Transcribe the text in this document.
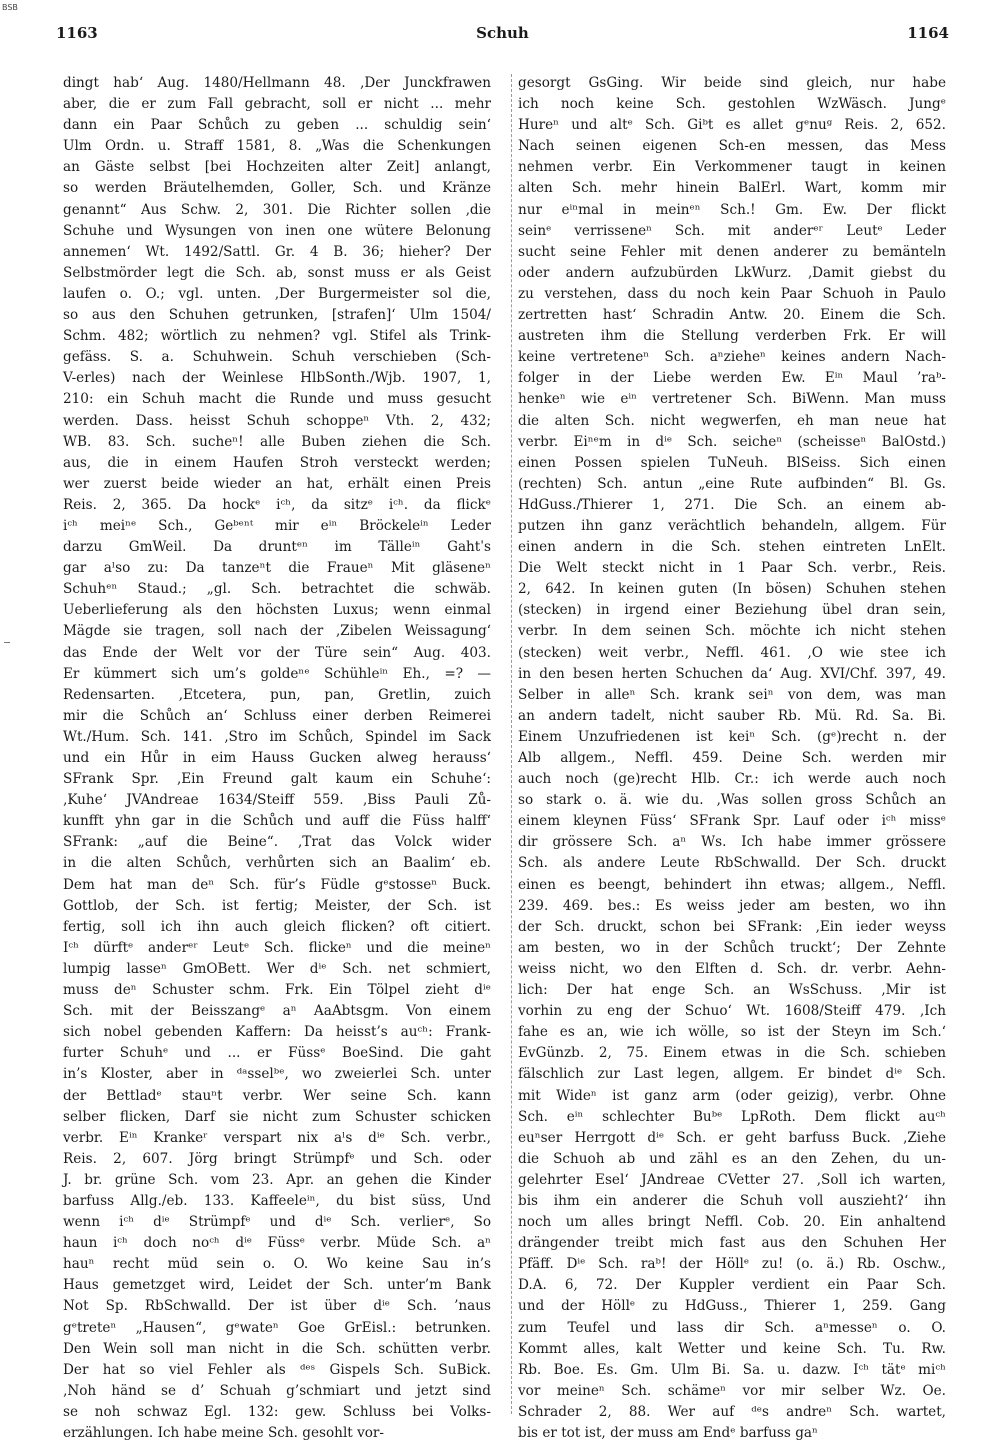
BSB
1163	Schuh	1164
dingt hab‘ Aug. 1480/Hellmann 48. ‚Der Junckfrawen
aber, die er zum Fall gebracht, soll er nicht ... mehr
dann ein Paar Schůch zu geben ... schuldig sein‘
Ulm Ordn. u. Straff 1581, 8. „Was die Schenkungen
an Gäste selbst [bei Hochzeiten alter Zeit] anlangt,
so werden Bräutelhemden, Goller, Sch. und Kränze
genannt“ Aus Schw. 2, 301. Die Richter sollen ‚die
Schuhe und Wysungen von inen one wütere Belonung
annemen‘ Wt. 1492/Sattl. Gr. 4 B. 36; hieher? Der
Selbstmörder legt die Sch. ab, sonst muss er als Geist
laufen o. O.; vgl. unten. ‚Der Burgermeister sol die,
so aus den Schuhen getrunken, [strafen]‘ Ulm 1504/
Schm. 482; wörtlich zu nehmen? vgl. Stifel als Trink-
gefäss. S. a. Schuhwein. Schuh verschieben (Sch-
V-erles) nach der Weinlese HlbSonth./Wjb. 1907, 1,
210: ein Schuh macht die Runde und muss gesucht
werden. Dass. heisst Schuh schoppeⁿ Vth. 2, 432;
WB. 83. Sch. sucheⁿ! alle Buben ziehen die Sch.
aus, die in einem Haufen Stroh versteckt werden;
wer zuerst beide wieder an hat, erhält einen Preis
Reis. 2, 365. Da hockᵉ iᶜʰ, da sitzᵉ iᶜʰ. da flickᵉ
iᶜʰ meiⁿᵉ Sch., Geᵇᵉⁿᵗ mir eⁱⁿ Bröckeleⁱⁿ Leder
darzu GmWeil. Da druntᵉⁿ im Tälleⁱⁿ Gahtˈs
gar aˡso zu: Da tanzeⁿt die Fraueⁿ Mit gläseneⁿ
Schuhᵉⁿ Staud.; „gl. Sch. betrachtet die schwäb.
Ueberlieferung als den höchsten Luxus; wenn einmal
Mägde sie tragen, soll nach der ‚Zibelen Weissagung‘
das Ende der Welt vor der Türe sein“ Aug. 403.
Er kümmert sich um’s goldeⁿᵉ Schühleⁱⁿ Eh., =? —
Redensarten. ‚Etcetera, pun, pan, Gretlin, zuich
mir die Schůch an‘ Schluss einer derben Reimerei
Wt./Hum. Sch. 141. ‚Stro im Schůch, Spindel im Sack
und ein Hůr in eim Hauss Gucken alweg herauss‘
SFrank Spr. ‚Ein Freund galt kaum ein Schuhe‘:
‚Kuhe‘ JVAndreae 1634/Steiff 559. ‚Biss Pauli Zů-
kunfft yhn gar in die Schůch und auff die Füss halff‘
SFrank: „auf die Beine“. ‚Trat das Volck wider
in die alten Schůch, verhůrten sich an Baalim‘ eb.
Dem hat man deⁿ Sch. für’s Füdle gᵉstosseⁿ Buck.
Gottlob, der Sch. ist fertig; Meister, der Sch. ist
fertig, soll ich ihn auch gleich flicken? oft citiert.
Iᶜʰ dürftᵉ anderᵉʳ Leutᵉ Sch. flickeⁿ und die meineⁿ
lumpig lasseⁿ GmOBett. Wer dⁱᵉ Sch. net schmiert,
muss deⁿ Schuster schm. Frk. Ein Tölpel zieht dⁱᵉ
Sch. mit der Beisszangᵉ aⁿ AaAbtsgm. Von einem
sich nobel gebenden Kaffern: Da heisst’s auᶜʰ: Frank-
furter Schuhᵉ und ... er Füssᵉ BoeSind. Die gaht
in’s Kloster, aber in ᵈᵃsselᵇᵉ, wo zweierlei Sch. unter
der Bettladᵉ stauⁿt verbr. Wer seine Sch. kann
selber flicken, Darf sie nicht zum Schuster schicken
verbr. Eⁱⁿ Krankeʳ verspart nix aˡs dⁱᵉ Sch. verbr.,
Reis. 2, 607. Jörg bringt Strümpfᵉ und Sch. oder
J. br. grüne Sch. vom 23. Apr. an gehen die Kinder
barfuss Allg./eb. 133. Kaffeeleⁱⁿ, du bist süss, Und
wenn iᶜʰ dⁱᵉ Strümpfᵉ und dⁱᵉ Sch. verlierᵉ, So
haun iᶜʰ doch noᶜʰ dⁱᵉ Füssᵉ verbr. Müde Sch. aⁿ
hauⁿ recht müd sein o. O. Wo keine Sau in’s
Haus gemetzget wird, Leidet der Sch. unter’m Bank
Not Sp. RbSchwalld. Der ist über dⁱᵉ Sch. ’naus
gᵉtreteⁿ „Hausen“, gᵉwateⁿ Goe GrEisl.: betrunken.
Den Wein soll man nicht in die Sch. schütten verbr.
Der hat so viel Fehler als ᵈᵉˢ Gispels Sch. SuBick.
‚Noh händ se d’ Schuah g’schmiart und jetzt sind
se noh schwaz Egl. 132: gew. Schluss bei Volks-
erzählungen. Ich habe meine Sch. gesohlt vor-
gesorgt GsGing. Wir beide sind gleich, nur habe
ich noch keine Sch. gestohlen WzWäsch. Jungᵉ
Hureⁿ und altᵉ Sch. Giᵇt es allet gᵉnuᵍ Reis. 2, 652.
Nach seinen eigenen Sch-en messen, das Mess
nehmen verbr. Ein Verkommener taugt in keinen
alten Sch. mehr hinein BalErl. Wart, komm mir
nur eⁱⁿmal in meinᵉⁿ Sch.! Gm. Ew. Der flickt
seinᵉ verrisseneⁿ Sch. mit anderᵉʳ Leutᵉ Leder
sucht seine Fehler mit denen anderer zu bemänteln
oder andern aufzubürden LkWurz. ‚Damit giebst du
zu verstehen, dass du noch kein Paar Schuoh in Paulo
zertretten hast‘ Schradin Antw. 20. Einem die Sch.
austreten ihm die Stellung verderben Frk. Er will
keine vertreteneⁿ Sch. aⁿzieheⁿ keines andern Nach-
folger in der Liebe werden Ew. Eⁱⁿ Maul ’raᵇ-
henkeⁿ wie eⁱⁿ vertretener Sch. BiWenn. Man muss
die alten Sch. nicht wegwerfen, eh man neue hat
verbr. Eiⁿᵉm in dⁱᵉ Sch. seicheⁿ (scheisseⁿ BalOstd.)
einen Possen spielen TuNeuh. BlSeiss. Sich einen
(rechten) Sch. antun „eine Rute aufbinden“ Bl. Gs.
HdGuss./Thierer 1, 271. Die Sch. an einem ab-
putzen ihn ganz verächtlich behandeln, allgem. Für
einen andern in die Sch. stehen eintreten LnElt.
Die Welt steckt nicht in 1 Paar Sch. verbr., Reis.
2, 642. In keinen guten (In bösen) Schuhen stehen
(stecken) in irgend einer Beziehung übel dran sein,
verbr. In dem seinen Sch. möchte ich nicht stehen
(stecken) weit verbr., Neffl. 461. ‚O wie stee ich
in den besen herten Schuchen da‘ Aug. XVI/Chf. 397, 49.
Selber in alleⁿ Sch. krank seiⁿ von dem, was man
an andern tadelt, nicht sauber Rb. Mü. Rd. Sa. Bi.
Einem Unzufriedenen ist keiⁿ Sch. (gᵉ)recht n. der
Alb allgem., Neffl. 459. Deine Sch. werden mir
auch noch (ge)recht Hlb. Cr.: ich werde auch noch
so stark o. ä. wie du. ‚Was sollen gross Schůch an
einem kleynen Füss‘ SFrank Spr. Lauf oder iᶜʰ missᵉ
dir grössere Sch. aⁿ Ws. Ich habe immer grössere
Sch. als andere Leute RbSchwalld. Der Sch. druckt
einen es beengt, behindert ihn etwas; allgem., Neffl.
239. 469. bes.: Es weiss jeder am besten, wo ihn
der Sch. druckt, schon bei SFrank: ‚Ein ieder weyss
am besten, wo in der Schůch truckt‘; Der Zehnte
weiss nicht, wo den Elften d. Sch. dr. verbr. Aehn-
lich: Der hat enge Sch. an WsSchuss. ‚Mir ist
vorhin zu eng der Schuo‘ Wt. 1608/Steiff 479. ‚Ich
fahe es an, wie ich wölle, so ist der Steyn im Sch.‘
EvGünzb. 2, 75. Einem etwas in die Sch. schieben
fälschlich zur Last legen, allgem. Er bindet dⁱᵉ Sch.
mit Wideⁿ ist ganz arm (oder geizig), verbr. Ohne
Sch. eⁱⁿ schlechter Buᵇᵉ LpRoth. Dem flickt auᶜʰ
euⁿser Herrgott dⁱᵉ Sch. er geht barfuss Buck. ‚Ziehe
die Schuoh ab und zähl es an den Zehen, du un-
gelehrter Esel‘ JAndreae CVetter 27. ‚Soll ich warten,
bis ihm ein anderer die Schuh voll ausziehtʔ‘ ihn
noch um alles bringt Neffl. Cob. 20. Ein anhaltend
drängender treibt mich fast aus den Schuhen Her
Pfäff. Dⁱᵉ Sch. raᵇ! der Höllᵉ zu! (o. ä.) Rb. Oschw.,
D.A. 6, 72. Der Kuppler verdient ein Paar Sch.
und der Höllᵉ zu HdGuss., Thierer 1, 259. Gang
zum Teufel und lass dir Sch. aⁿmesseⁿ o. O.
Kommt alles, kalt Wetter und keine Sch. Tu. Rw.
Rb. Boe. Es. Gm. Ulm Bi. Sa. u. dazw. Iᶜʰ tätᵉ miᶜʰ
vor meineⁿ Sch. schämeⁿ vor mir selber Wz. Oe.
Schrader 2, 88. Wer auf ᵈᵉs andreⁿ Sch. wartet,
bis er tot ist, der muss am Endᵉ barfuss gaⁿ
